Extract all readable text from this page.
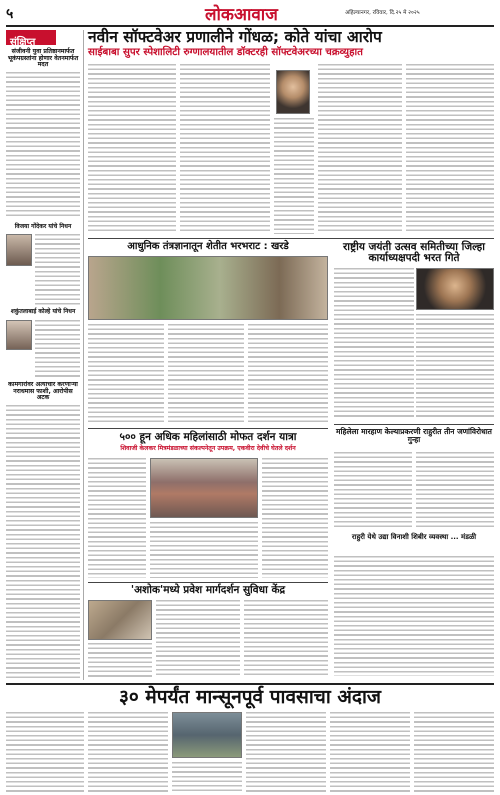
५	लोकआवाज	अहिल्यानगर, रविवार, दि.२५ मे २०२५
संक्षिप्त
संजीवनी युवा प्रतिष्ठानमार्फत भूकंपग्रस्तांना होणार वेतनमार्फत मदत
विजया गोंदेकर यांचे निधन
शकुंतलाबाई कोल्हे यांचे निधन
कामगारांवर अत्याचार करणाऱ्या नराधमास फाशी, आरोपीस अटक
नवीन सॉफ्टवेअर प्रणालीने गोंधळ; कोते यांचा आरोप
साईबाबा सुपर स्पेशालिटी रुग्णालयातील डॉक्टरही सॉफ्टवेअरच्या चक्रव्युहात
आधुनिक तंत्रज्ञानातून शेतीत भरभराट : खरडे	राष्ट्रीय जयंती उत्सव समितीच्या जिल्हा कार्याध्यक्षपदी भरत गिते
५०० हून अधिक महिलांसाठी मोफत दर्शन यात्रा
शिवाजी केलकर मित्रमंडळाच्या संकल्पनेतून उपक्रम, एकवीरा देवीचे घेतले दर्शन
महिलेला मारहाण केल्याप्रकरणी राहुरीत तीन जणांविरोधात गुन्हा
राहुरी येथे उद्या विनाशी शिबीर व्यवस्था ... मंडळी
'अशोक'मध्ये प्रवेश मार्गदर्शन सुविधा केंद्र
३० मेपर्यंत मान्सूनपूर्व पावसाचा अंदाज
